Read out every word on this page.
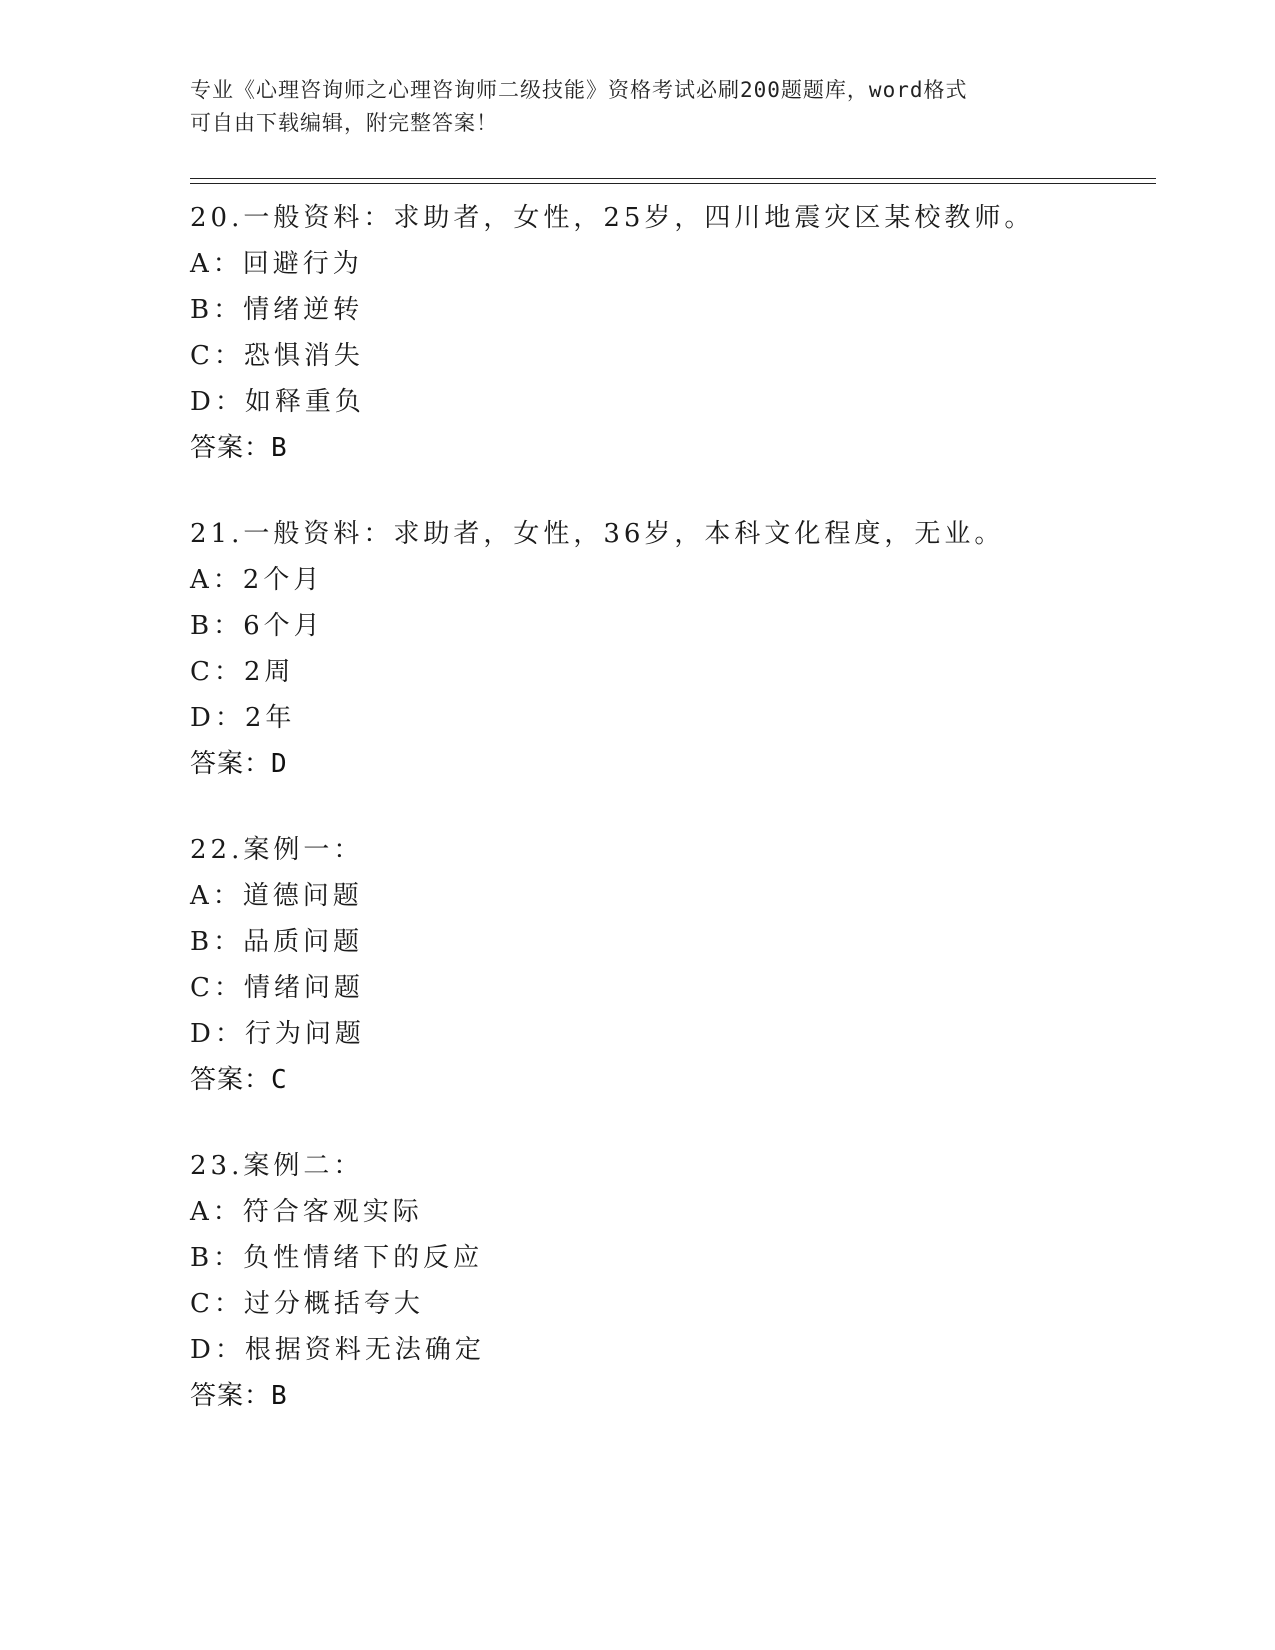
专业《心理咨询师之心理咨询师二级技能》资格考试必刷200题题库，word格式
可自由下载编辑，附完整答案！
20.一般资料：求助者，女性，25岁，四川地震灾区某校教师。
A：回避行为
B：情绪逆转
C：恐惧消失
D：如释重负
答案：B
21.一般资料：求助者，女性，36岁，本科文化程度，无业。
A：2个月
B：6个月
C：2周
D：2年
答案：D
22.案例一：
A：道德问题
B：品质问题
C：情绪问题
D：行为问题
答案：C
23.案例二：
A：符合客观实际
B：负性情绪下的反应
C：过分概括夸大
D：根据资料无法确定
答案：B
